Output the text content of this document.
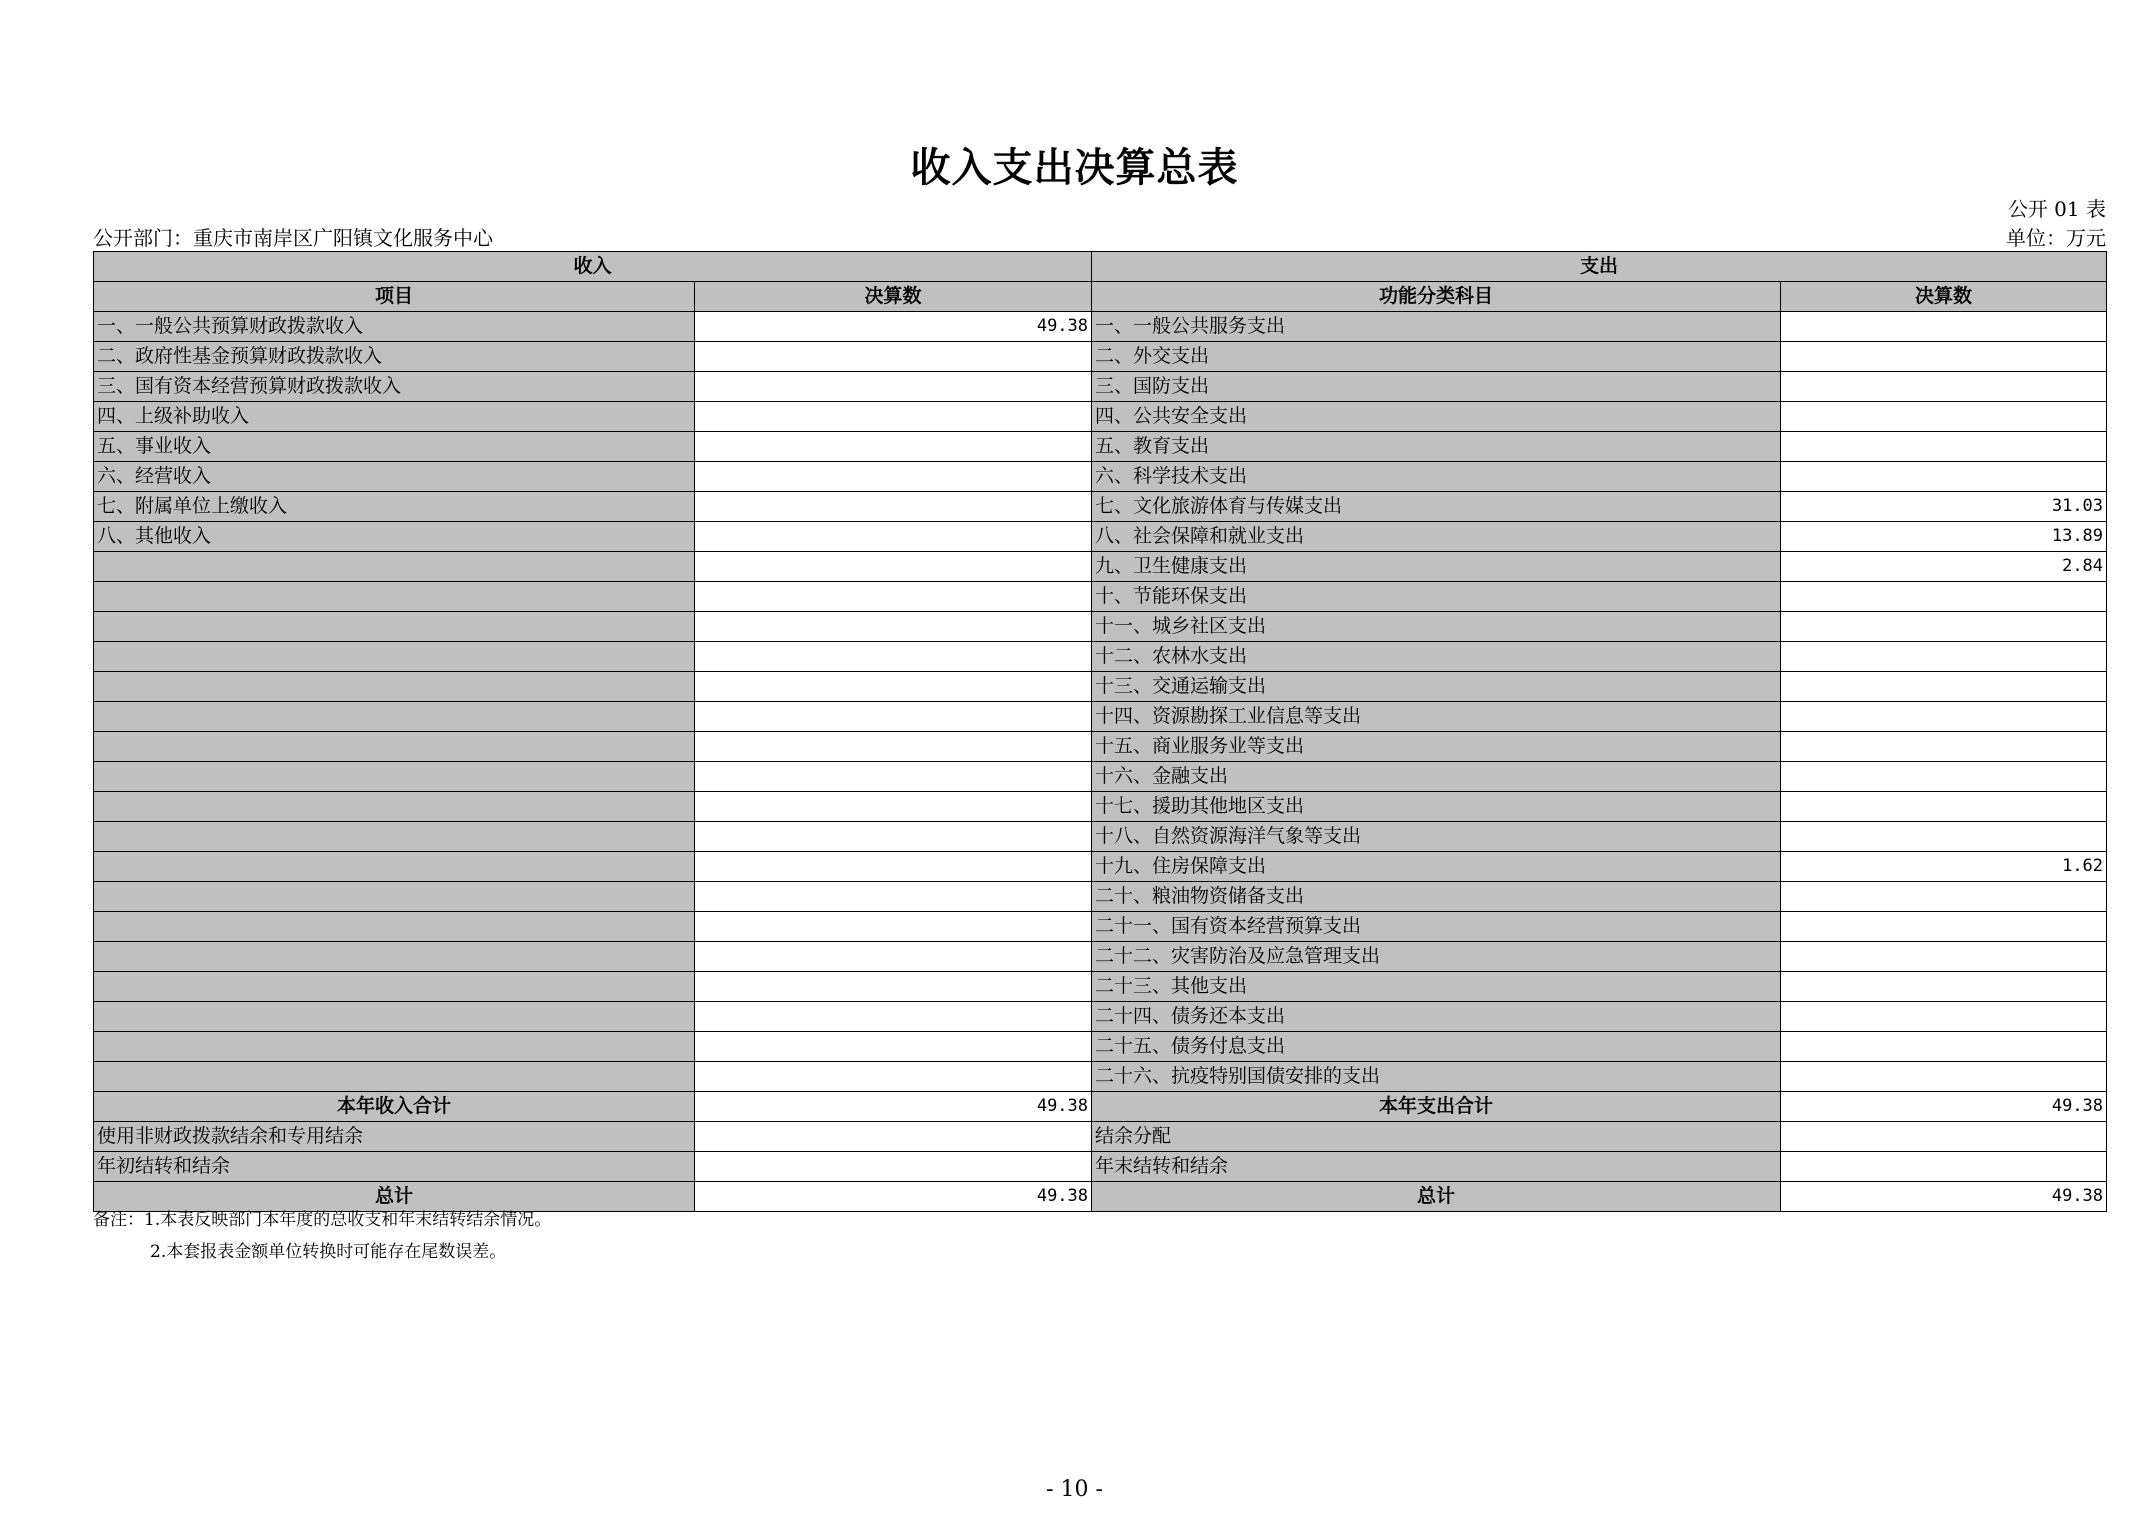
收入支出决算总表
公开 01 表
公开部门：重庆市南岸区广阳镇文化服务中心	单位：万元
收入		支出	
项目	决算数	功能分类科目	决算数
一、一般公共预算财政拨款收入	49.38	一、一般公共服务支出	
二、政府性基金预算财政拨款收入		二、外交支出	
三、国有资本经营预算财政拨款收入		三、国防支出	
四、上级补助收入		四、公共安全支出	
五、事业收入		五、教育支出	
六、经营收入		六、科学技术支出	
七、附属单位上缴收入		七、文化旅游体育与传媒支出	31.03
八、其他收入		八、社会保障和就业支出	13.89
		九、卫生健康支出	2.84
		十、节能环保支出	
		十一、城乡社区支出	
		十二、农林水支出	
		十三、交通运输支出	
		十四、资源勘探工业信息等支出	
		十五、商业服务业等支出	
		十六、金融支出	
		十七、援助其他地区支出	
		十八、自然资源海洋气象等支出	
		十九、住房保障支出	1.62
		二十、粮油物资储备支出	
		二十一、国有资本经营预算支出	
		二十二、灾害防治及应急管理支出	
		二十三、其他支出	
		二十四、债务还本支出	
		二十五、债务付息支出	
		二十六、抗疫特别国债安排的支出	
本年收入合计	49.38	本年支出合计	49.38
使用非财政拨款结余和专用结余		结余分配	
年初结转和结余		年末结转和结余	
总计	49.38	总计	49.38
备注：1.本表反映部门本年度的总收支和年末结转结余情况。
2.本套报表金额单位转换时可能存在尾数误差。
- 10 -
